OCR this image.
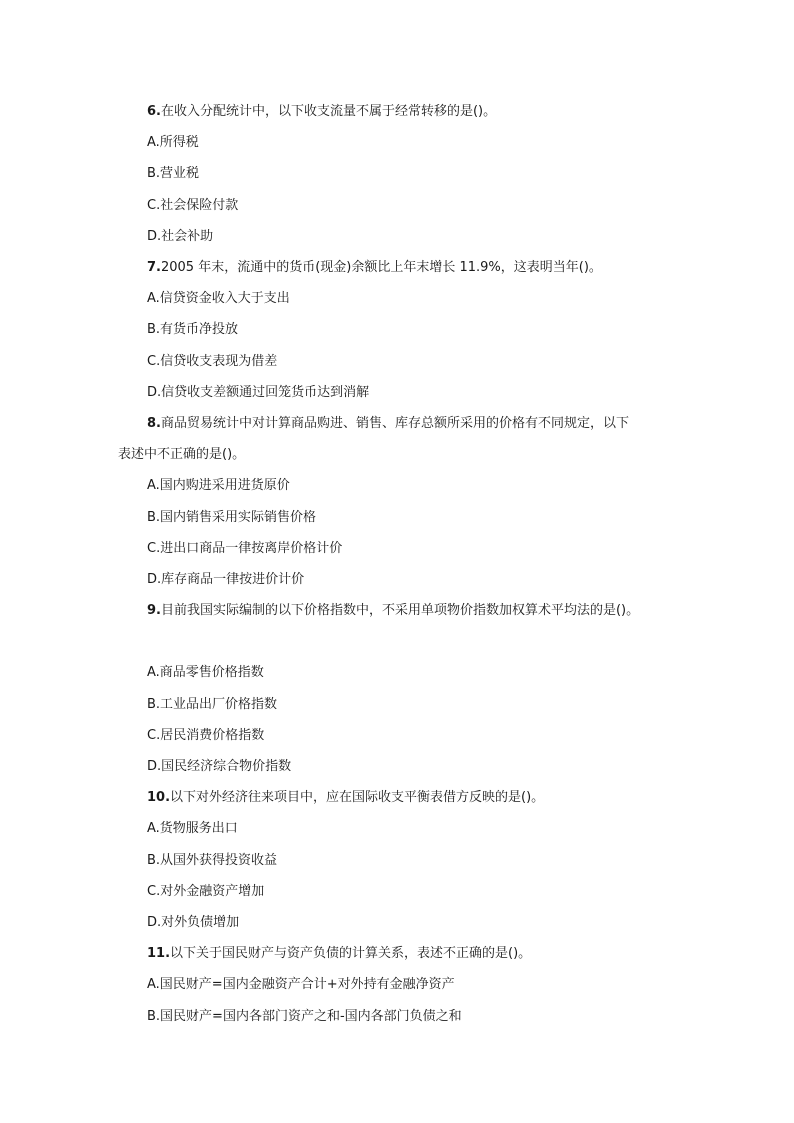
6.在收入分配统计中，以下收支流量不属于经常转移的是()。
A.所得税
B.营业税
C.社会保险付款
D.社会补助
7.2005 年末，流通中的货币(现金)余额比上年末增长 11.9%，这表明当年()。
A.信贷资金收入大于支出
B.有货币净投放
C.信贷收支表现为借差
D.信贷收支差额通过回笼货币达到消解
8.商品贸易统计中对计算商品购进、销售、库存总额所采用的价格有不同规定，以下
表述中不正确的是()。
A.国内购进采用进货原价
B.国内销售采用实际销售价格
C.进出口商品一律按离岸价格计价
D.库存商品一律按进价计价
9.目前我国实际编制的以下价格指数中，不采用单项物价指数加权算术平均法的是()。
A.商品零售价格指数
B.工业品出厂价格指数
C.居民消费价格指数
D.国民经济综合物价指数
10.以下对外经济往来项目中，应在国际收支平衡表借方反映的是()。
A.货物服务出口
B.从国外获得投资收益
C.对外金融资产增加
D.对外负债增加
11.以下关于国民财产与资产负债的计算关系，表述不正确的是()。
A.国民财产=国内金融资产合计+对外持有金融净资产
B.国民财产=国内各部门资产之和-国内各部门负债之和
